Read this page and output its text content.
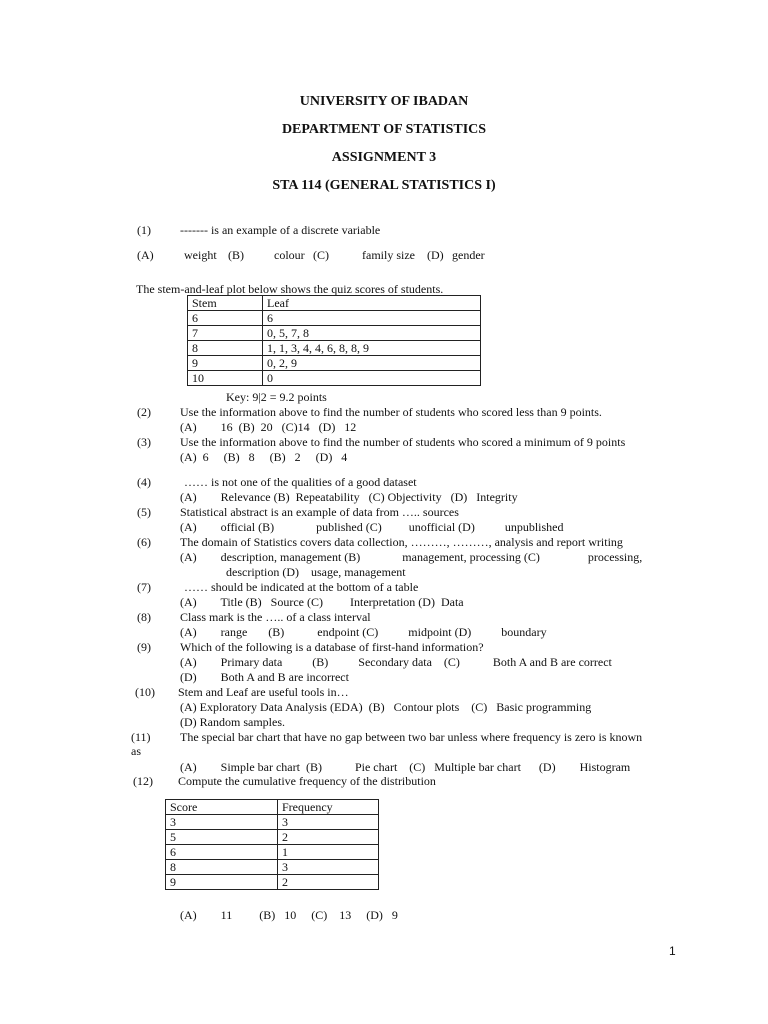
UNIVERSITY OF IBADAN
DEPARTMENT OF STATISTICS
ASSIGNMENT 3
STA 114 (GENERAL STATISTICS I)
(1) ------- is an example of a discrete variable
(A)	weight (B)	colour (C)	family size (D) gender
The stem-and-leaf plot below shows the quiz scores of students.
Stem	Leaf
6	6
7	0, 5, 7, 8
8	1, 1, 3, 4, 4, 6, 8, 8, 9
9	0, 2, 9
10	0
Key: 9|2 = 9.2 points
(2) Use the information above to find the number of students who scored less than 9 points.
(A)        16  (B)  20   (C)14   (D)   12
(3) Use the information above to find the number of students who scored a minimum of 9 points
(A)  6     (B)   8     (B)   2     (D)   4
(4)	…… is not one of the qualities of a good dataset
(A)        Relevance (B)  Repeatability   (C) Objectivity   (D)   Integrity
(5) Statistical abstract is an example of data from ….. sources
(A)        official (B)              published (C)         unofficial (D)          unpublished
(6) The domain of Statistics covers data collection, ………, ………, analysis and report writing
(A)        description, management (B)              management, processing (C)                processing,
description (D)    usage, management
(7)	…… should be indicated at the bottom of a table
(A)        Title (B)   Source (C)         Interpretation (D)  Data
(8) Class mark is the ….. of a class interval
(A)        range       (B)           endpoint (C)          midpoint (D)          boundary
(9) Which of the following is a database of first-hand information?
(A)        Primary data          (B)          Secondary data    (C)           Both A and B are correct
(D)        Both A and B are incorrect
(10) Stem and Leaf are useful tools in…
(A) Exploratory Data Analysis (EDA)  (B)   Contour plots    (C)   Basic programming
(D) Random samples.
(11) The special bar chart that have no gap between two bar unless where frequency is zero is known
as
(A)        Simple bar chart  (B)           Pie chart    (C)   Multiple bar chart      (D)        Histogram
(12) Compute the cumulative frequency of the distribution
Score	Frequency
3	3
5	2
6	1
8	3
9	2
(A)        11         (B)   10     (C)    13     (D)   9
1
